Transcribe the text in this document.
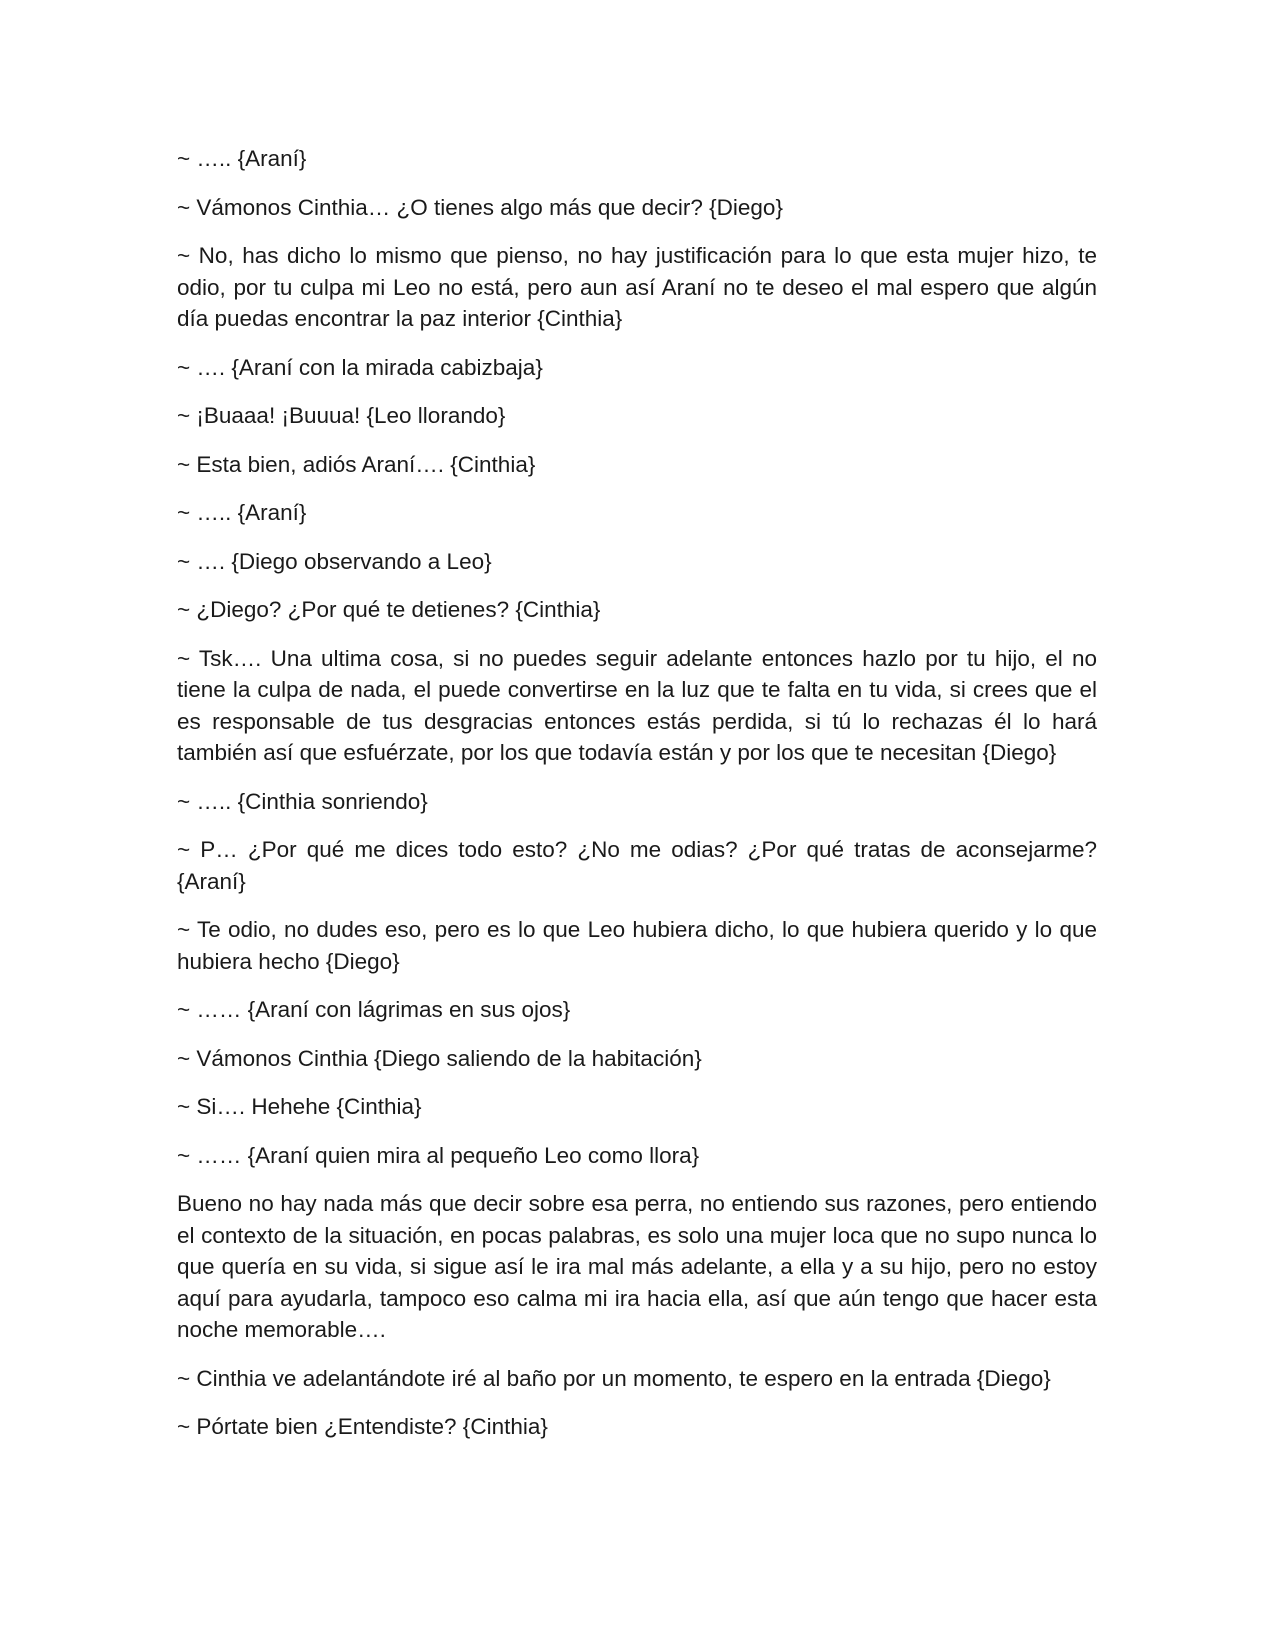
~ ….. {Araní}

~ Vámonos Cinthia… ¿O tienes algo más que decir? {Diego}

~ No, has dicho lo mismo que pienso, no hay justificación para lo que esta mujer hizo, te odio, por tu culpa mi Leo no está, pero aun así Araní no te deseo el mal espero que algún día puedas encontrar la paz interior {Cinthia}

~ …. {Araní con la mirada cabizbaja}

~ ¡Buaaa! ¡Buuua! {Leo llorando}

~ Esta bien, adiós Araní…. {Cinthia}

~ ….. {Araní}

~ …. {Diego observando a Leo}

~ ¿Diego? ¿Por qué te detienes? {Cinthia}

~ Tsk…. Una ultima cosa, si no puedes seguir adelante entonces hazlo por tu hijo, el no tiene la culpa de nada, el puede convertirse en la luz que te falta en tu vida, si crees que el es responsable de tus desgracias entonces estás perdida, si tú lo rechazas él lo hará también así que esfuérzate, por los que todavía están y por los que te necesitan {Diego}

~ ….. {Cinthia sonriendo}

~ P… ¿Por qué me dices todo esto? ¿No me odias? ¿Por qué tratas de aconsejarme? {Araní}

~ Te odio, no dudes eso, pero es lo que Leo hubiera dicho, lo que hubiera querido y lo que hubiera hecho {Diego}

~ …… {Araní con lágrimas en sus ojos}

~ Vámonos Cinthia {Diego saliendo de la habitación}

~ Si…. Hehehe {Cinthia}

~ …… {Araní quien mira al pequeño Leo como llora}

Bueno no hay nada más que decir sobre esa perra, no entiendo sus razones, pero entiendo el contexto de la situación, en pocas palabras, es solo una mujer loca que no supo nunca lo que quería en su vida, si sigue así le ira mal más adelante, a ella y a su hijo, pero no estoy aquí para ayudarla, tampoco eso calma mi ira hacia ella, así que aún tengo que hacer esta noche memorable….

~ Cinthia ve adelantándote iré al baño por un momento, te espero en la entrada {Diego}

~ Pórtate bien ¿Entendiste? {Cinthia}
